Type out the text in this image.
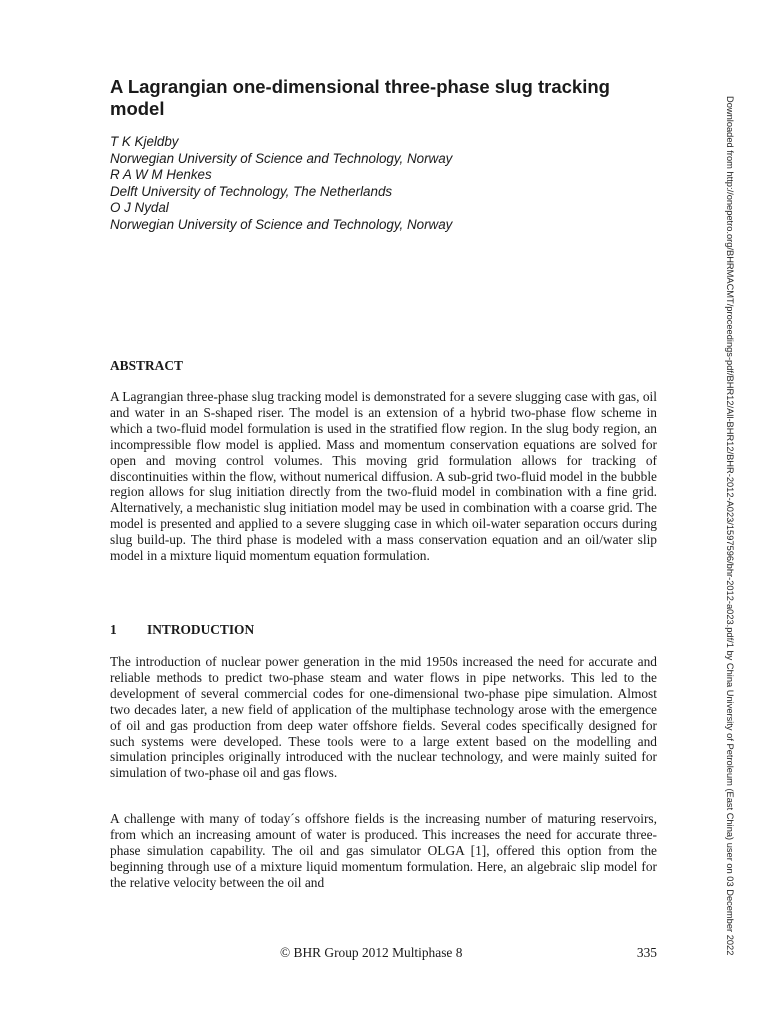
A Lagrangian one-dimensional three-phase slug tracking model
T K Kjeldby
Norwegian University of Science and Technology, Norway
R A W M Henkes
Delft University of Technology, The Netherlands
O J Nydal
Norwegian University of Science and Technology, Norway
ABSTRACT

A Lagrangian three-phase slug tracking model is demonstrated for a severe slugging case with gas, oil and water in an S-shaped riser. The model is an extension of a hybrid two-phase flow scheme in which a two-fluid model formulation is used in the stratified flow region. In the slug body region, an incompressible flow model is applied. Mass and momentum conservation equations are solved for open and moving control volumes. This moving grid formulation allows for tracking of discontinuities within the flow, without numerical diffusion. A sub-grid two-fluid model in the bubble region allows for slug initiation directly from the two-fluid model in combination with a fine grid. Alternatively, a mechanistic slug initiation model may be used in combination with a coarse grid. The model is presented and applied to a severe slugging case in which oil-water separation occurs during slug build-up. The third phase is modeled with a mass conservation equation and an oil/water slip model in a mixture liquid momentum equation formulation.

1 INTRODUCTION

The introduction of nuclear power generation in the mid 1950s increased the need for accurate and reliable methods to predict two-phase steam and water flows in pipe networks. This led to the development of several commercial codes for one-dimensional two-phase pipe simulation. Almost two decades later, a new field of application of the multiphase technology arose with the emergence of oil and gas production from deep water offshore fields. Several codes specifically designed for such systems were developed. These tools were to a large extent based on the modelling and simulation principles originally introduced with the nuclear technology, and were mainly suited for simulation of two-phase oil and gas flows.

A challenge with many of today´s offshore fields is the increasing number of maturing reservoirs, from which an increasing amount of water is produced. This increases the need for accurate three-phase simulation capability. The oil and gas simulator OLGA [1], offered this option from the beginning through use of a mixture liquid momentum formulation. Here, an algebraic slip model for the relative velocity between the oil and

© BHR Group 2012 Multiphase 8	335	Downloaded from http://onepetro.org/BHRMACMT/proceedings-pdf/BHR12/All-BHR12/BHR-2012-A023/1597596/bhr-2012-a023.pdf/1 by China University of Petroleum (East China) user on 03 December 2022
